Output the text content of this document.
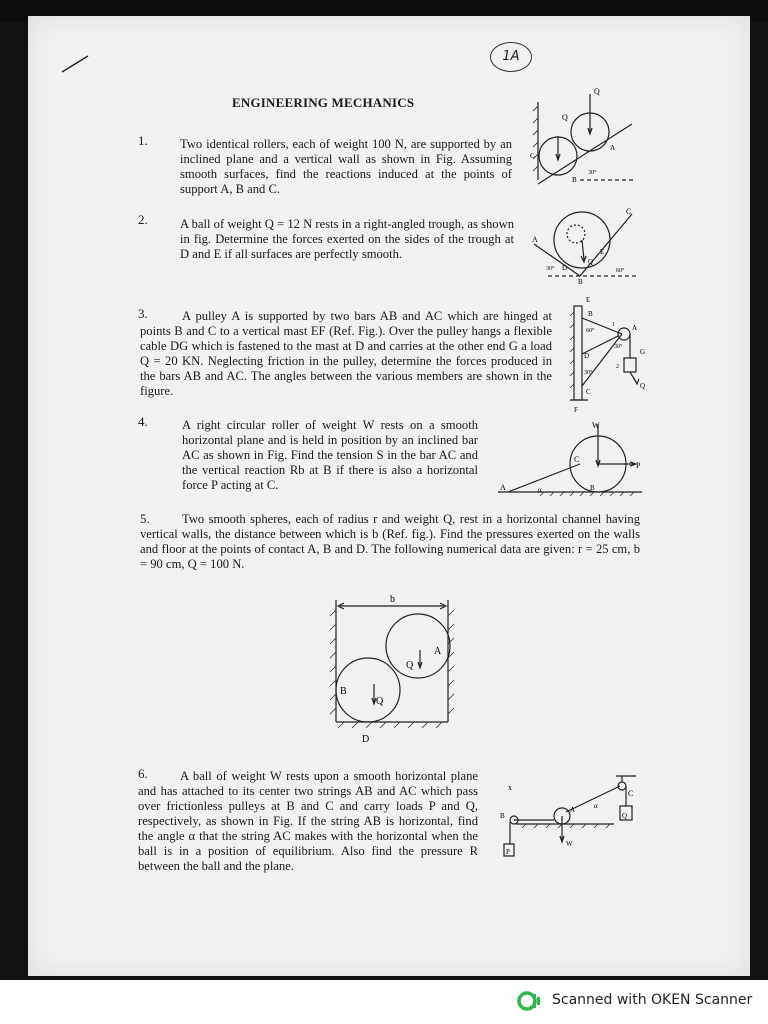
1A
ENGINEERING MECHANICS
1.	Two identical rollers, each of weight 100 N, are supported by an inclined plane and a vertical wall as shown in Fig. Assuming smooth surfaces, find the reactions induced at the points of support A, B and C.
Q
Q
C
A
B
30°
2.	A ball of weight Q = 12 N rests in a right-angled trough, as shown in fig. Determine the forces exerted on the sides of the trough at D and E if all surfaces are perfectly smooth.
C
A
E
Q
D
B
30°	60°
3.	A pulley A is supported by two bars AB and AC which are hinged at points B and C to a vertical mast EF (Ref. Fig.). Over the pulley hangs a flexible cable DG which is fastened to the mast at D and carries at the other end G a load Q = 20 KN. Neglecting friction in the pulley, determine the forces produced in the bars AB and AC. The angles between the various members are shown in the figure.
E
B
1 A
60°
30°
D	G
2
30°
C
Q
F
4.	A right circular roller of weight W rests on a smooth horizontal plane and is held in position by an inclined bar AC as shown in Fig. Find the tension S in the bar AC and the vertical reaction Rb at B if there is also a horizontal force P acting at C.
W
C
P
A	α	B
5.	Two smooth spheres, each of radius r and weight Q, rest in a horizontal channel having vertical walls, the distance between which is b (Ref. fig.). Find the pressures exerted on the walls and floor at the points of contact A, B and D. The following numerical data are given: r = 25 cm, b = 90 cm, Q = 100 N.
b
A
Q
B
Q
D
6.	A ball of weight W rests upon a smooth horizontal plane and has attached to its center two strings AB and AC which pass over frictionless pulleys at B and C and carry loads P and Q, respectively, as shown in Fig. If the string AB is horizontal, find the angle α that the string AC makes with the horizontal when the ball is in a position of equilibrium. Also find the pressure R between the ball and the plane.
x
C
α
B
A
Q
W
P
Scanned with OKEN Scanner
